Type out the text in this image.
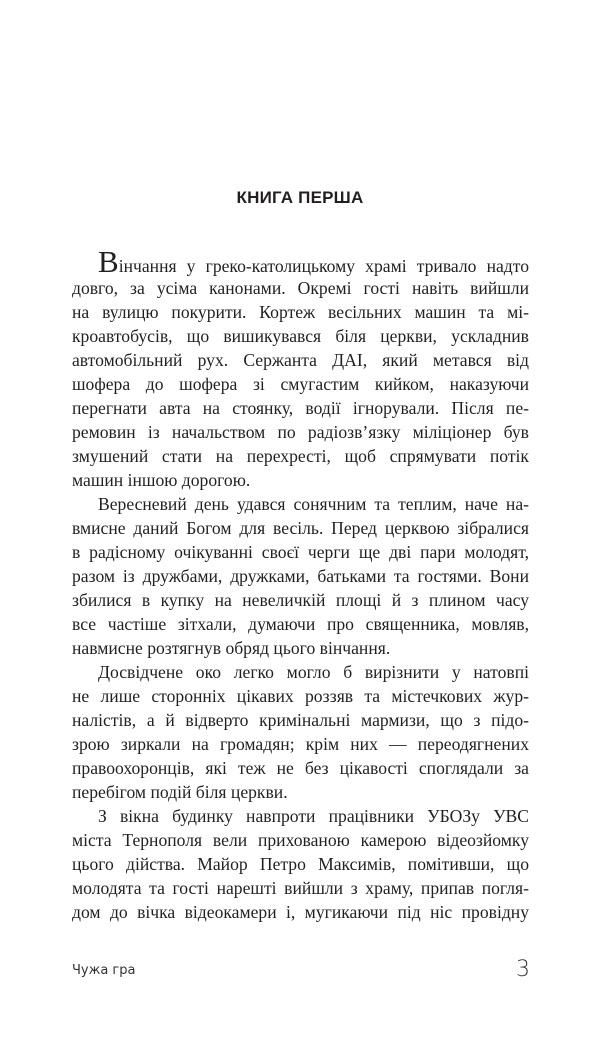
КНИГА ПЕРША
Вінчання у греко-католицькому храмі тривало надто
довго, за усіма канонами. Окремі гості навіть вийшли
на вулицю покурити. Кортеж весільних машин та мі-
кроавтобусів, що вишикувався біля церкви, ускладнив
автомобільний рух. Сержанта ДАІ, який метався від
шофера до шофера зі смугастим кийком, наказуючи
перегнати авта на стоянку, водії ігнорували. Після пе-
ремовин із начальством по радіозв’язку міліціонер був
змушений стати на перехресті, щоб спрямувати потік
машин іншою дорогою.
Вересневий день удався сонячним та теплим, наче на-
вмисне даний Богом для весіль. Перед церквою зібралися
в радісному очікуванні своєї черги ще дві пари молодят,
разом із дружбами, дружками, батьками та гостями. Вони
збилися в купку на невеличкій площі й з плином часу
все частіше зітхали, думаючи про священника, мовляв,
навмисне розтягнув обряд цього вінчання.
Досвідчене око легко могло б вирізнити у натовпі
не лише сторонніх цікавих роззяв та містечкових жур-
налістів, а й відверто кримінальні мармизи, що з підо-
зрою зиркали на громадян; крім них — переодягнених
правоохоронців, які теж не без цікавості споглядали за
перебігом подій біля церкви.
З вікна будинку навпроти працівники УБОЗу УВС
міста Тернополя вели прихованою камерою відеозйомку
цього дійства. Майор Петро Максимів, помітивши, що
молодята та гості нарешті вийшли з храму, припав погля-
дом до вічка відеокамери і, мугикаючи під ніс провідну
Чужа гра	3
